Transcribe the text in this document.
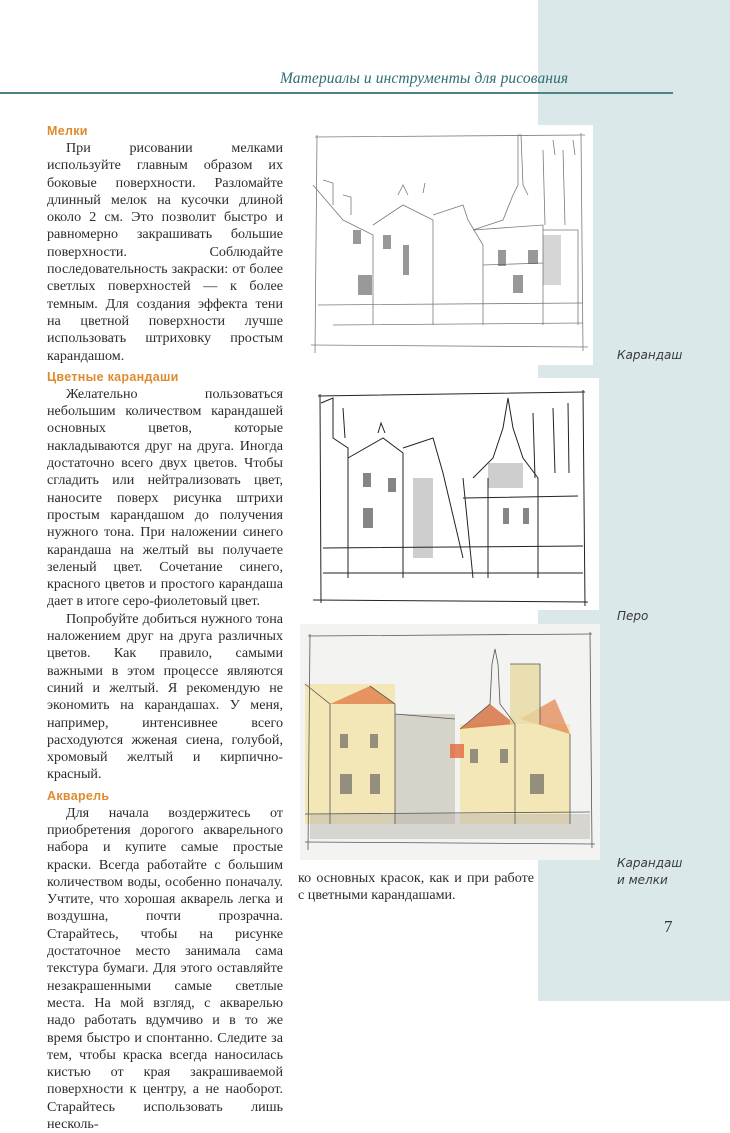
Материалы и инструменты для рисования
Мелки

При рисовании мелками используйте главным образом их боковые поверхности. Разломайте длинный мелок на кусочки длиной около 2 см. Это позволит быстро и равномерно закрашивать большие поверхности. Соблюдайте последовательность закраски: от более светлых поверхностей — к более темным. Для создания эффекта тени на цветной поверхности лучше использовать штриховку простым карандашом.

Цветные карандаши

Желательно пользоваться небольшим количеством карандашей основных цветов, которые накладываются друг на друга. Иногда достаточно всего двух цветов. Чтобы сгладить или нейтрализовать цвет, наносите поверх рисунка штрихи простым карандашом до получения нужного тона. При наложении синего карандаша на желтый вы получаете зеленый цвет. Сочетание синего, красного цветов и простого карандаша дает в итоге серо-фиолетовый цвет.

Попробуйте добиться нужного тона наложением друг на друга различных цветов. Как правило, самыми важными в этом процессе являются синий и желтый. Я рекомендую не экономить на карандашах. У меня, например, интенсивнее всего расходуются жженая сиена, голубой, хромовый желтый и кирпично-красный.

Акварель

Для начала воздержитесь от приобретения дорогого акварельного набора и купите самые простые краски. Всегда работайте с большим количеством воды, особенно поначалу. Учтите, что хорошая акварель легка и воздушна, почти прозрачна. Старайтесь, чтобы на рисунке достаточное место занимала сама текстура бумаги. Для этого оставляйте незакрашенными самые светлые места. На мой взгляд, с акварелью надо работать вдумчиво и в то же время быстро и спонтанно. Следите за тем, чтобы краска всегда наносилась кистью от края закрашиваемой поверхности к центру, а не наоборот. Старайтесь использовать лишь несколь-

Карандаш
Перо
Карандаш
и мелки
ко основных красок, как и при работе с цветными карандашами.
7
